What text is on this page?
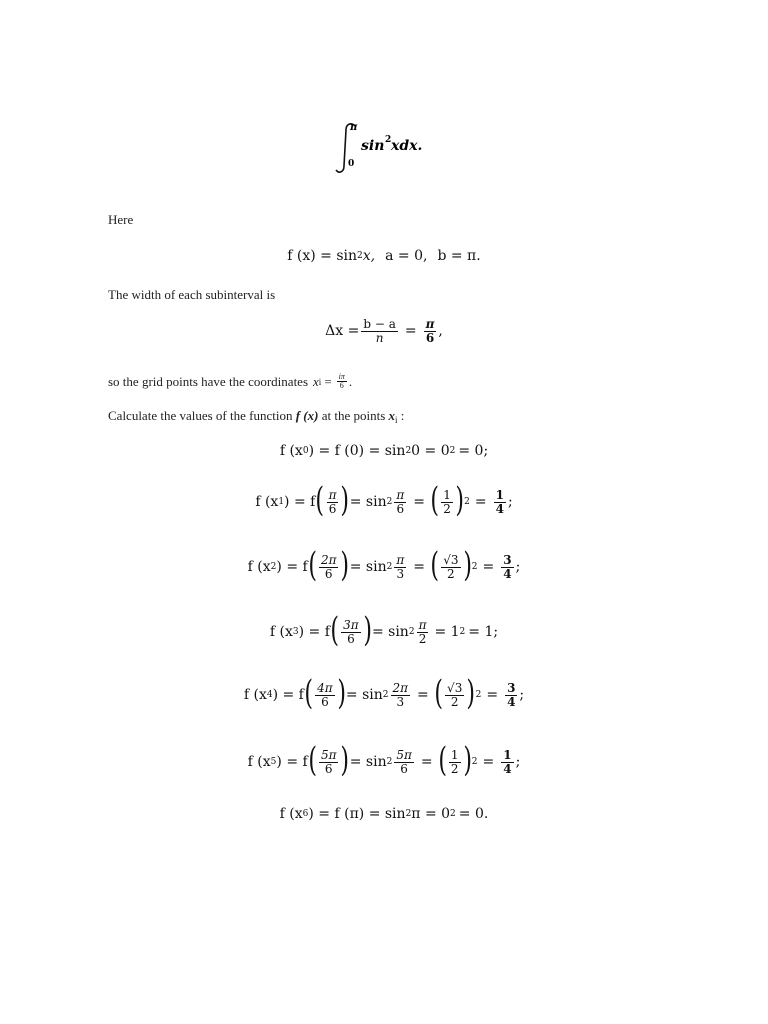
π
0
sin 2 xdx.
Here
f (x) = sin 2 x, a = 0, b = π.
The width of each subinterval is
$\Delta x = \frac{b - a}{n} = \frac{\pi}{6}$ ,
so the grid points have the coordinates x $i = \frac{i\pi}{6}$ .
Calculate the values of the function f (x) at the points $x_i$ :
f (x 0 ) = f (0) = sin 2 0 = 0 2 = 0;
f (x 1 ) = f ( $\frac{\pi}{6}$ ) = $\sin 2 \frac{\pi}{6}$ = ( $\frac{1}{2}$ ) $2 = \frac{1}{4}$ ;
f (x 2 ) = f ( $\frac{2\pi}{6}$ ) = $\sin 2 \frac{\pi}{3}$ = ( $\frac{√3}{2}$ ) $2 = \frac{3}{4}$ ;
f (x 3 ) = f ( $\frac{3\pi}{6}$ ) = $\sin 2 \frac{\pi}{2} = 1$ 2 = 1;
f (x 4 ) = f ( $\frac{4\pi}{6}$ ) = $\sin 2 \frac{2\pi}{3}$ = ( $\frac{√3}{2}$ ) $2 = \frac{3}{4}$ ;
f (x 5 ) = f ( $\frac{5\pi}{6}$ ) = $\sin 2 \frac{5\pi}{6}$ = ( $\frac{1}{2}$ ) $2 = \frac{1}{4}$ ;
f (x 6 ) = f (π) = sin 2 π = 0 2 = 0.
